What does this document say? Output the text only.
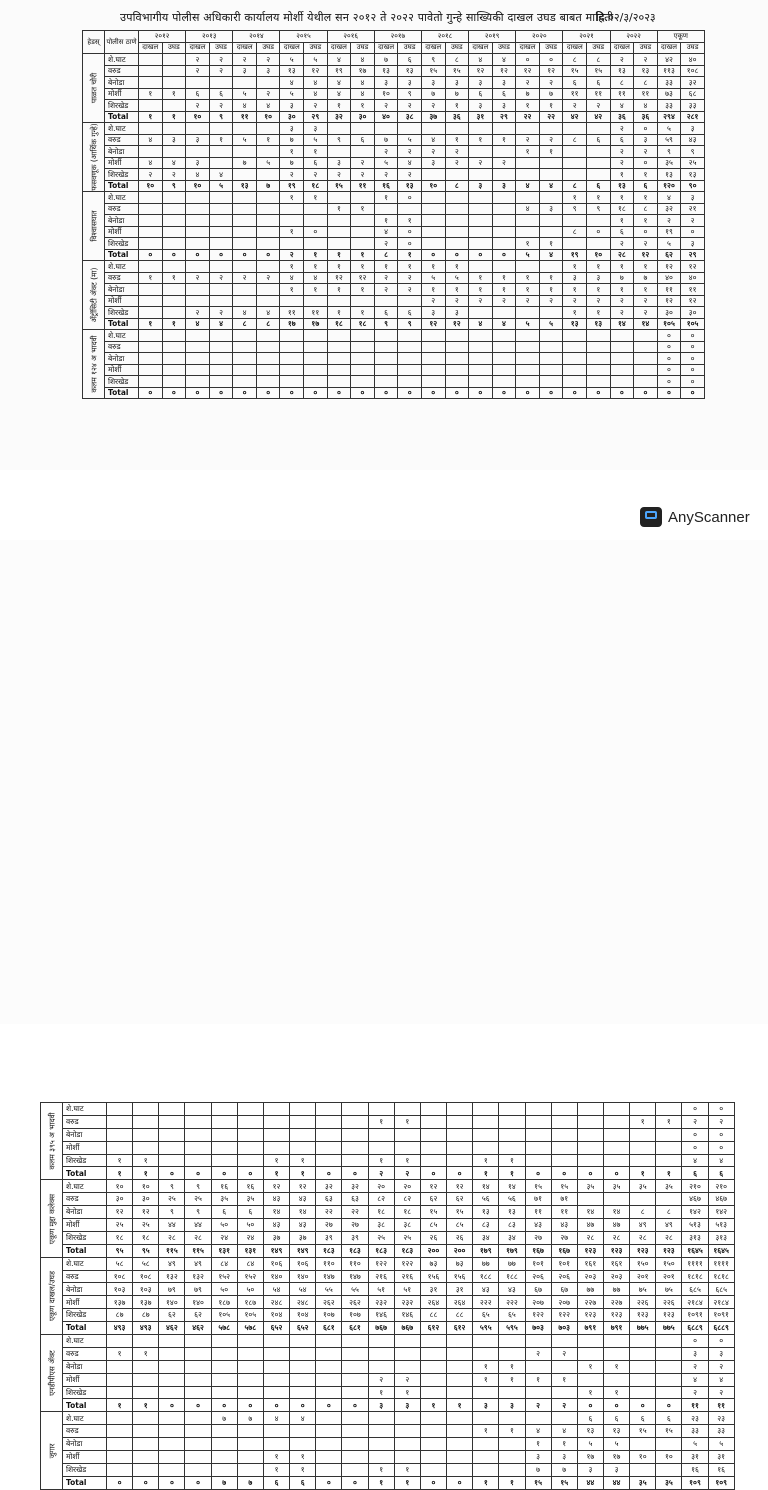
उपविभागीय पोलीस अधिकारी कार्यालय मोर्शी येथील सन २०१२ ते २०२२ पावेतो गुन्हे साख्यिकी दाखल उघड बाबत माहिती
दि.०२/३/२०२३
हेडस्	पोलीस ठाणे	२०१२		२०१३		२०१४		२०१५		२०१६		२०१७		२०१८		२०१९		२०२०		२०२१		२०२२		एकूण	
		दाखल	उघड	दाखल	उघड	दाखल	उघड	दाखल	उघड	दाखल	उघड	दाखल	उघड	दाखल	उघड	दाखल	उघड	दाखल	उघड	दाखल	उघड	दाखल	उघड	दाखल	उघड

पाळत चोरी	शे.घाट			२	२	२	२	५	५	४	४	७	६	९	८	४	४	०	०	८	८	२	२	४२	४०
	वरुड			२	२	३	३	१३	१२	१९	१७	१३	१३	१५	१५	१२	१२	१२	१२	१५	१५	१३	१३	११३	१०८
	बेनोडा							४	४	४	४	३	३	३	३	३	३	२	२	६	६	८	८	३३	३२
	मोर्शी	१	१	६	६	५	२	५	४	४	४	१०	९	७	७	६	६	७	७	११	११	११	११	७३	६८
	शिरखेड			२	२	४	४	३	२	१	१	२	२	२	१	३	३	१	१	२	२	४	४	३३	३३
	Total	१	१	१०	९	११	१०	३०	२९	३२	३०	४०	३८	३७	३६	३१	२९	२२	२२	४२	४२	३६	३६	२९४	२८१

फसवणूक (आर्थिक गुन्हे)	शे.घाट							३	३													२	०	५	३
	वरुड	४	३	३	१	५	१	७	५	९	६	७	५	४	१	१	१	२	२	८	६	६	३	५९	४३
	बेनोडा							१	१			२	२	२	२			१	१			२	२	९	९
	मोर्शी	४	४	३		७	५	७	६	३	२	५	४	३	२	२	२					२	०	३५	२५
	शिरखेड	२	२	४	४			२	२	२	२	२	२									१	१	१३	१३
	Total	१०	९	१०	५	१३	७	१९	१८	१५	११	१६	१३	१०	८	३	३	४	४	८	६	१३	६	१२०	९०

विश्वासघात	शे.घाट							१	१			१	०							१	१	१	१	४	३
	वरुड									१	१							४	३	९	९	१८	८	३२	२१
	बेनोडा											१	१									१	१	२	२
	मोर्शी							१	०			४	०							८	०	६	०	१९	०
	शिरखेड											२	०					१	१			२	२	५	३
	Total	०	०	०	०	०	०	२	१	१	१	८	१	०	०	०	०	५	४	१९	१०	२८	१२	६२	२९

अँट्रॉसिटी ॲक्ट (मा)	शे.घाट							१	१	१	१	१	१	१	१					१	१	१	१	१२	१२
	वरुड	१	१	२	२	२	२	४	४	१२	१२	२	२	५	५	१	१	१	१	३	३	७	७	४०	४०
	बेनोडा							१	१	१	१	२	२	१	१	१	१	१	१	१	१	१	१	११	११
	मोर्शी													२	२	२	२	२	२	२	२	२	२	१२	१२
	शिरखेड			२	२	४	४	११	११	१	१	६	६	३	३					१	१	२	२	३०	३०
	Total	१	१	४	४	८	८	१७	१७	१८	१८	९	९	१२	१२	४	४	५	५	१३	१३	१४	१४	१०५	१०५

कलम १२४ अ भादवी	शे.घाट																							०	०
	वरुड																							०	०
	बेनोडा																							०	०
	मोर्शी																							०	०
	शिरखेड																							०	०
	Total	०	०	०	०	०	०	०	०	०	०	०	०	०	०	०	०	०	०	०	०	०	०	०	०
AnyScanner
कलम ३९५ अ भादवी	शे.घाट																							०	०
	वरुड											१	१									१	१	२	२
	बेनोडा																							०	०
	मोर्शी																							०	०
	शिरखेड	१	१					१	१			१	१			१	१							४	४
	Total	१	१	०	०	०	०	१	१	०	०	२	२	०	०	१	१	०	०	०	०	१	१	६	६

एकूण मुद्दा कलेक्स	शे.घाट	१०	१०	९	९	१६	१६	१२	१२	३२	३२	२०	२०	१२	१२	१४	१४	१५	१५	३५	३५	३५	३५	२१०	२१०
	वरुड	३०	३०	२५	२५	३५	३५	४३	४३	६३	६३	८२	८२	६२	६२	५६	५६	७१	७१					४६७	४६७
	बेनोडा	१२	१२	९	९	६	६	१४	१४	२२	२२	१८	१८	१५	१५	१३	१३	११	११	१४	१४	८	८	१४२	१४२
	मोर्शी	२५	२५	४४	४४	५०	५०	४३	४३	२७	२७	३८	३८	८५	८५	८३	८३	४३	४३	४७	४७	४९	४९	५१३	५१३
	शिरखेड	१८	१८	२८	२८	२४	२४	३७	३७	३९	३९	२५	२५	२६	२६	३४	३४	२७	२७	२८	२८	२८	२८	३१३	३१३
	Total	९५	९५	११५	११५	१३१	१३१	१४९	१४९	१८३	१८३	१८३	१८३	२००	२००	१७९	१७९	१६७	१६७	१२३	१२३	१२३	१२३	१६४५	१६४५

एकूण दाखल/उघड	शे.घाट	५८	५८	४९	४९	८४	८४	१०६	१०६	११०	११०	१२२	१२२	७३	७३	७७	७७	१०१	१०१	१६१	१६१	१५०	१५०	११११	११११
	वरुड	१०८	१०८	१३२	१३२	१५२	१५२	१४०	१४०	१४७	१४७	२१६	२१६	१५६	१५६	१८८	१८८	२०६	२०६	२०३	२०३	२०१	२०१	१८१८	१८१८
	बेनोडा	१०३	१०३	७९	७९	५०	५०	५४	५४	५५	५५	५१	५१	३१	३१	४३	४३	६७	६७	७७	७७	७५	७५	६८५	६८५
	मोर्शी	१३७	१३७	१४०	१४०	१८७	१८७	२४८	२४८	२६२	२६२	२३२	२३२	२६४	२६४	२२२	२२२	२०७	२०७	२२७	२२७	२२६	२२६	२१८४	२१८४
	शिरखेड	८७	८७	६२	६२	१०५	१०५	१०४	१०४	१०७	१०७	१४६	१४६	८८	८८	६५	६५	१२२	१२२	१२३	१२३	१२३	१२३	१०९१	१०९१
	Total	४९३	४९३	४६२	४६२	५७८	५७८	६५२	६५२	६८१	६८१	७६७	७६७	६१२	६१२	५९५	५९५	७०३	७०३	७९१	७९१	७७५	७७५	६८८९	६८८९

एनडीपीएस ॲक्ट	शे.घाट																							०	०
	वरुड	१	१															२	२					३	३
	बेनोडा															१	१			१	१			२	२
	मोर्शी											२	२			१	१	१	१					४	४
	शिरखेड											१	१							१	१			२	२
	Total	१	१	०	०	०	०	०	०	०	०	३	३	१	१	३	३	२	२	०	०	०	०	११	११

जुगार	शे.घाट					७	७	४	४											६	६	६	६	२३	२३
	वरुड															१	१	४	४	१३	१३	१५	१५	३३	३३
	बेनोडा																	१	१	५	५			५	५
	मोर्शी							१	१									३	३	१७	१७	१०	१०	३१	३१
	शिरखेड							१	१			१	१					७	७	३	३			१६	१६
	Total	०	०	०	०	७	७	६	६	०	०	१	१	०	०	१	१	१५	१५	४४	४४	३५	३५	१०९	१०९
